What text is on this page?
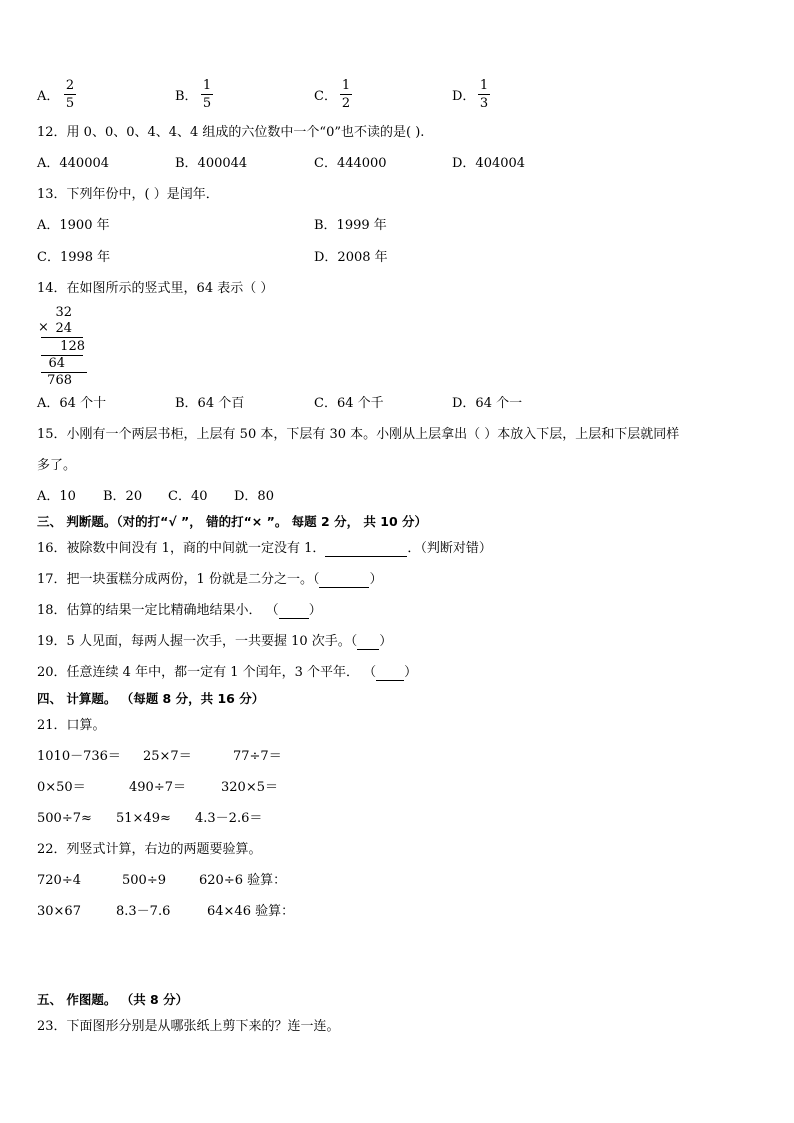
A． $\frac{2}{5}$	B． $\frac{1}{5}$	C． $\frac{1}{2}$	D． $\frac{1}{3}$
12．用 0、0、0、4、4、4 组成的六位数中一个“0”也不读的是( ).
A．440004	B．400044	C．444000	D．404004
13．下列年份中，( ）是闰年．
A．1900 年	B．1999 年
C．1998 年	D．2008 年
14．在如图所示的竖式里，64 表示（ ）
32
× 24
128
64
768
A．64 个十	B．64 个百	C．64 个千	D．64 个一
15．小刚有一个两层书柜，上层有 50 本，下层有 30 本。小刚从上层拿出（ ）本放入下层，上层和下层就同样
多了。
A．10 B．20 C．40 D．80
三、 判断题。（对的打“√ ”， 错的打“× ”。 每题 2 分， 共 10 分）
16．被除数中间没有 1，商的中间就一定没有 1．	．（判断对错）
17．把一块蛋糕分成两份，1 份就是二分之一。（	）
18．估算的结果一定比精确地结果小． （ ）
19．5 人见面，每两人握一次手，一共要握 10 次手。（ ）
20．任意连续 4 年中，都一定有 1 个闰年，3 个平年． （ ）
四、 计算题。 （每题 8 分，共 16 分）
21．口算。
1010－736＝ 25×7＝	77÷7＝
0×50＝	490÷7＝	320×5＝
500÷7≈ 51×49≈ 4.3－2.6＝
22．列竖式计算，右边的两题要验算。
720÷4	500÷9	620÷6 验算：
30×67	8.3－7.6	64×46 验算：
五、 作图题。 （共 8 分）
23．下面图形分别是从哪张纸上剪下来的？连一连。
